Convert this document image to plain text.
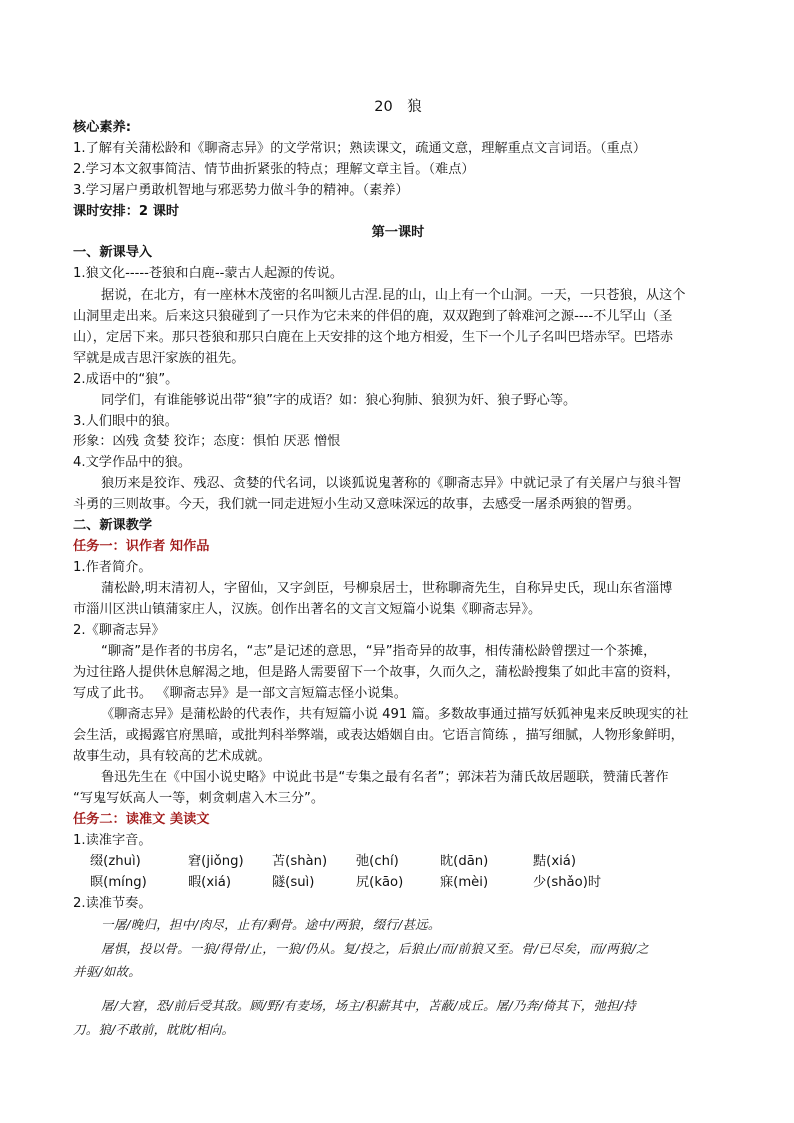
20　狼
核心素养:
1.了解有关蒲松龄和《聊斋志异》的文学常识；熟读课文，疏通文意，理解重点文言词语。（重点）
2.学习本文叙事简洁、情节曲折紧张的特点；理解文章主旨。（难点）
3.学习屠户勇敢机智地与邪恶势力做斗争的精神。（素养）
课时安排：2 课时
第一课时
一、新课导入
1.狼文化-----苍狼和白鹿--蒙古人起源的传说。
据说，在北方，有一座林木茂密的名叫额儿古涅.昆的山，山上有一个山洞。一天，一只苍狼，从这个
山洞里走出来。后来这只狼碰到了一只作为它未来的伴侣的鹿，双双跑到了斡难河之源----不儿罕山（圣
山），定居下来。那只苍狼和那只白鹿在上天安排的这个地方相爱，生下一个儿子名叫巴塔赤罕。巴塔赤
罕就是成吉思汗家族的祖先。
2.成语中的“狼”。
同学们，有谁能够说出带“狼”字的成语？如：狼心狗肺、狼狈为奸、狼子野心等。
3.人们眼中的狼。
形象：凶残 贪婪 狡诈；态度：惧怕 厌恶 憎恨
4.文学作品中的狼。
狼历来是狡诈、残忍、贪婪的代名词，以谈狐说鬼著称的《聊斋志异》中就记录了有关屠户与狼斗智
斗勇的三则故事。今天，我们就一同走进短小生动又意味深远的故事，去感受一屠杀两狼的智勇。
二、新课教学
任务一：识作者 知作品
1.作者简介。
蒲松龄,明末清初人，字留仙，又字剑臣，号柳泉居士，世称聊斋先生，自称异史氏，现山东省淄博
市淄川区洪山镇蒲家庄人，汉族。创作出著名的文言文短篇小说集《聊斋志异》。
2.《聊斋志异》
“聊斋”是作者的书房名，“志”是记述的意思，“异”指奇异的故事，相传蒲松龄曾摆过一个茶摊，
为过往路人提供休息解渴之地，但是路人需要留下一个故事，久而久之，蒲松龄搜集了如此丰富的资料，
写成了此书。 《聊斋志异》是一部文言短篇志怪小说集。
《聊斋志异》是蒲松龄的代表作，共有短篇小说 491 篇。多数故事通过描写妖狐神鬼来反映现实的社
会生活，或揭露官府黑暗，或批判科举弊端，或表达婚姻自由。它语言简练 ，描写细腻，人物形象鲜明，
故事生动，具有较高的艺术成就。
鲁迅先生在《中国小说史略》中说此书是“专集之最有名者”；郭沫若为蒲氏故居题联，赞蒲氏著作
“写鬼写妖高人一等，刺贪刺虐入木三分”。
任务二：读准文 美读文
1.读准字音。
缀(zhuì)	窘(jiǒng) 苫(shàn) 弛(chí)	眈(dān)	黠(xiá)
瞑(míng)	暇(xiá)	隧(suì)	尻(kāo)	寐(mèi)	少(shǎo)时
2.读准节奏。
一屠/晚归，担中/肉尽，止有/剩骨。途中/两狼，缀行/甚远。
屠惧，投以骨。一狼/得骨/止，一狼/仍从。复/投之，后狼止/而/前狼又至。骨/已尽矣，而/两狼/之
并驱/如故。
屠/大窘，恐/前后受其敌。顾/野/有麦场，场主/积薪其中，苫蔽/成丘。屠/乃奔/倚其下，弛担/持
刀。狼/不敢前，眈眈/相向。
